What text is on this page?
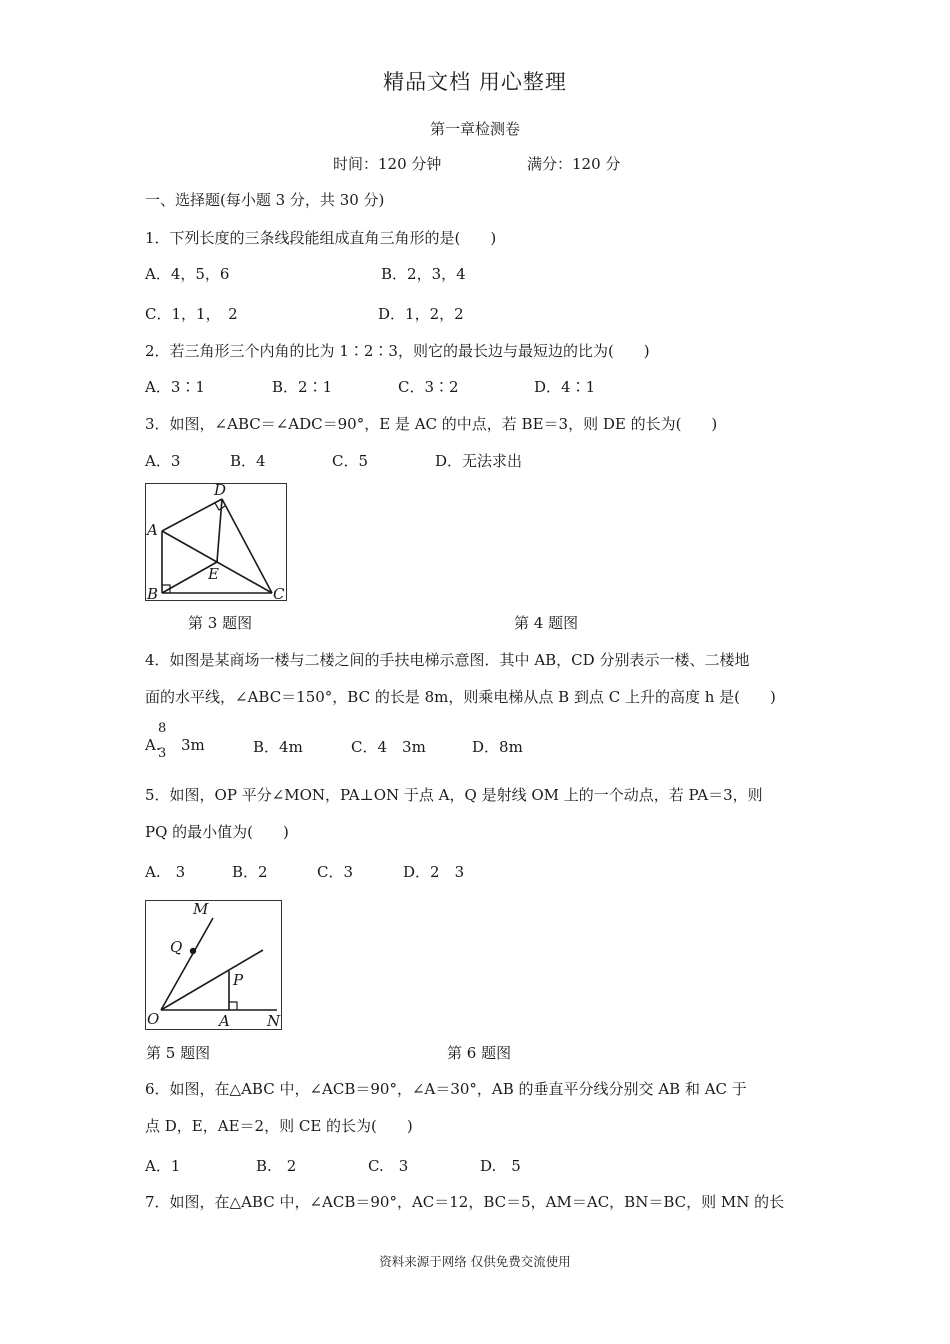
精品文档 用心整理
第一章检测卷
时间：120 分钟	满分：120 分
一、选择题(每小题 3 分，共 30 分)
1．下列长度的三条线段能组成直角三角形的是(　　)
A．4，5，6	B．2，3，4
C．1，1，　2	D．1，2，2
2．若三角形三个内角的比为 1∶2∶3，则它的最长边与最短边的比为(　　)
A．3∶1	B．2∶1	C．3∶2	D．4∶1
3．如图，∠ABC＝∠ADC＝90°，E 是 AC 的中点，若 BE＝3，则 DE 的长为(　　)
A．3	B．4	C．5	D．无法求出
D
A
E
B	C
第 3 题图	第 4 题图
4．如图是某商场一楼与二楼之间的手扶电梯示意图．其中 AB，CD 分别表示一楼、二楼地
面的水平线，∠ABC＝150°，BC 的长是 8m，则乘电梯从点 B 到点 C 上升的高度 h 是(　　)
A.
8
3 3m	B．4m	C．4　3m	D．8m
5．如图，OP 平分∠MON，PA⊥ON 于点 A，Q 是射线 OM 上的一个动点，若 PA＝3，则
PQ 的最小值为(　　)
A.　3	B．2	C．3	D．2　3
M
Q
P
O	A N
第 5 题图	第 6 题图
6．如图，在△ABC 中，∠ACB＝90°，∠A＝30°，AB 的垂直平分线分别交 AB 和 AC 于
点 D，E，AE＝2，则 CE 的长为(　　)
A．1	B.　2	C.　3	D.　5
7．如图，在△ABC 中，∠ACB＝90°，AC＝12，BC＝5，AM＝AC，BN＝BC，则 MN 的长
资料来源于网络 仅供免费交流使用
